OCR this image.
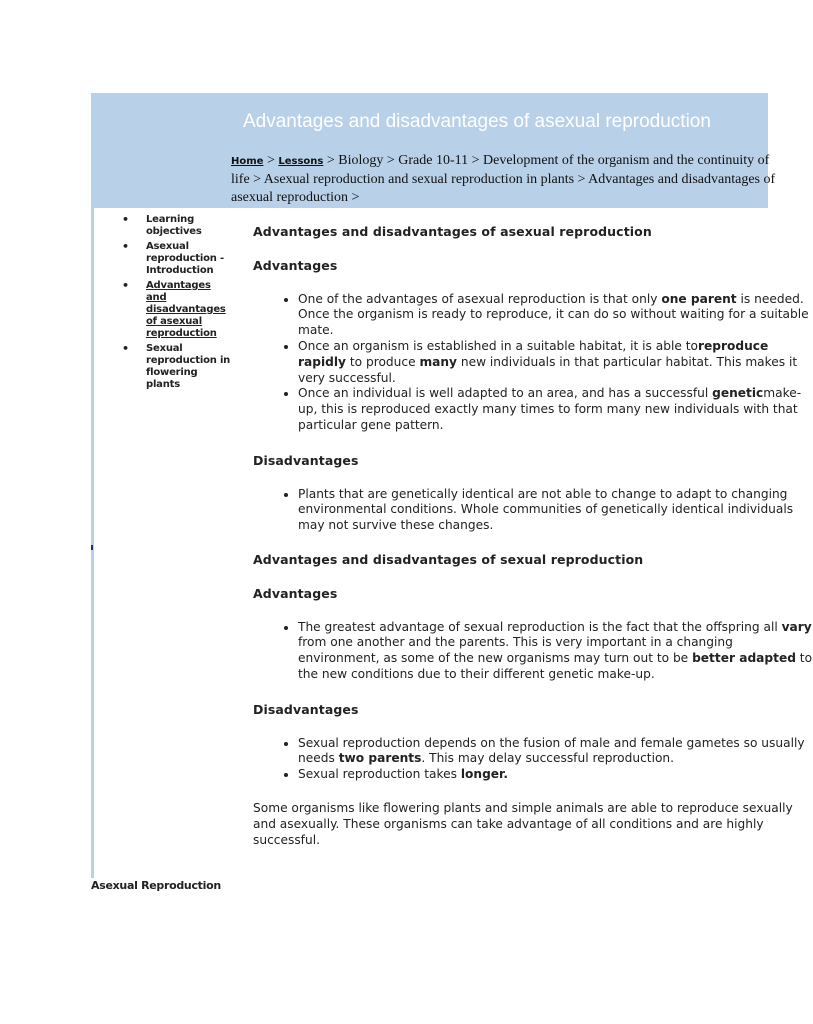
Advantages and disadvantages of asexual reproduction
Home > Lessons > Biology > Grade 10-11 > Development of the organism and the continuity of life > Asexual reproduction and sexual reproduction in plants > Advantages and disadvantages of asexual reproduction >
• Learning objectives
• Asexual reproduction - Introduction
• Advantages and disadvantages of asexual reproduction
• Sexual reproduction in flowering plants
Advantages and disadvantages of asexual reproduction
Advantages
• One of the advantages of asexual reproduction is that only one parent is needed. Once the organism is ready to reproduce, it can do so without waiting for a suitable mate.
• Once an organism is established in a suitable habitat, it is able toreproduce rapidly to produce many new individuals in that particular habitat. This makes it very successful.
• Once an individual is well adapted to an area, and has a successful geneticmake-up, this is reproduced exactly many times to form many new individuals with that particular gene pattern.
Disadvantages
• Plants that are genetically identical are not able to change to adapt to changing environmental conditions. Whole communities of genetically identical individuals may not survive these changes.
Advantages and disadvantages of sexual reproduction
Advantages
• The greatest advantage of sexual reproduction is the fact that the offspring all vary from one another and the parents. This is very important in a changing environment, as some of the new organisms may turn out to be better adapted to the new conditions due to their different genetic make-up.
Disadvantages
• Sexual reproduction depends on the fusion of male and female gametes so usually needs two parents. This may delay successful reproduction.
• Sexual reproduction takes longer.

Some organisms like flowering plants and simple animals are able to reproduce sexually and asexually. These organisms can take advantage of all conditions and are highly successful.

Asexual Reproduction
